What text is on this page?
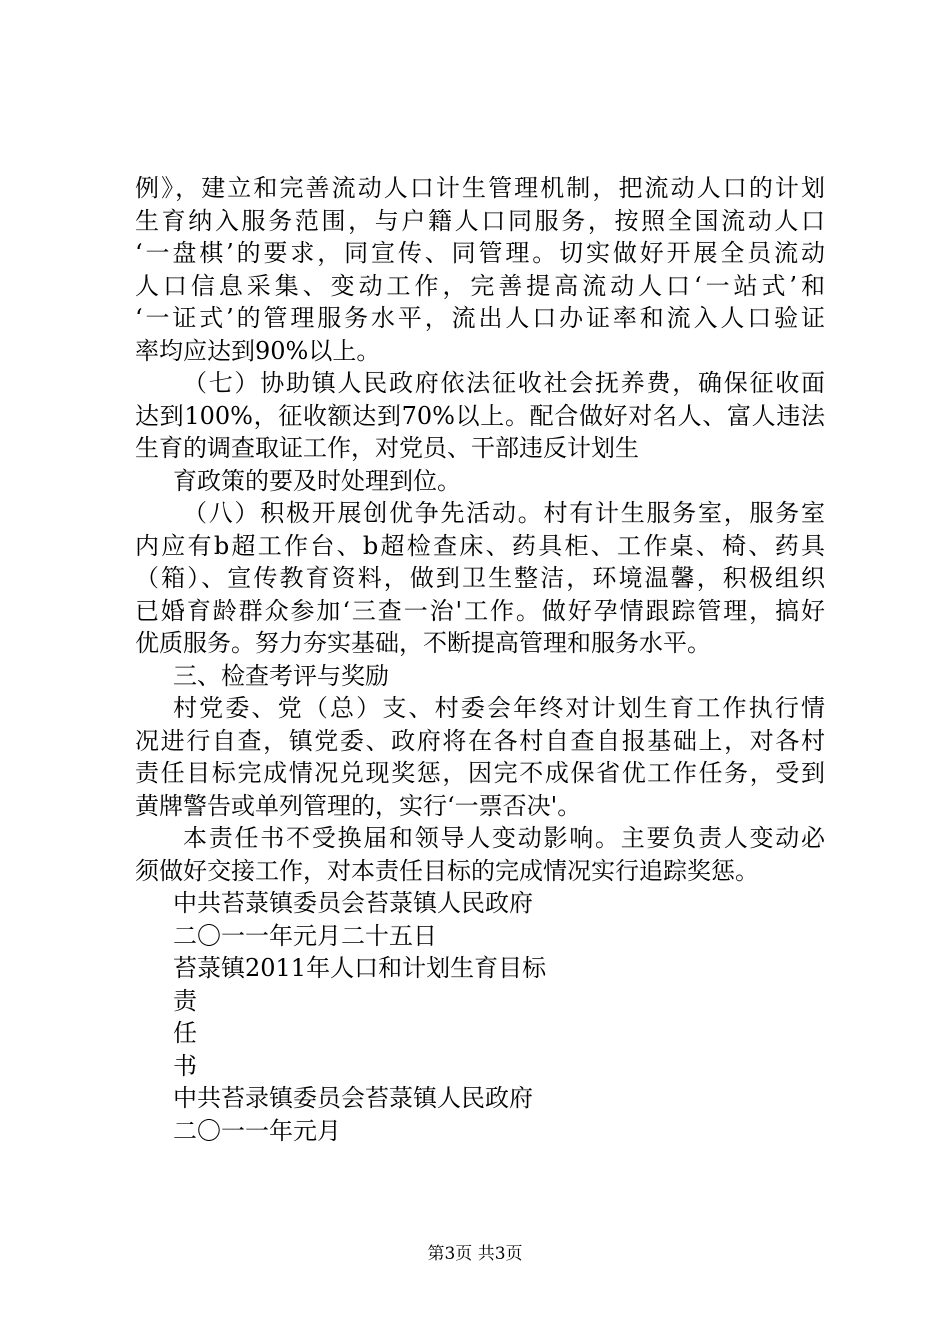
例》，建立和完善流动人口计生管理机制，把流动人口的计划
生育纳入服务范围，与户籍人口同服务，按照全国流动人口
‘一盘棋’的要求，同宣传、同管理。切实做好开展全员流动
人口信息采集、变动工作，完善提高流动人口‘一站式’和
‘一证式’的管理服务水平，流出人口办证率和流入人口验证
率均应达到90%以上。
（七）协助镇人民政府依法征收社会抚养费，确保征收面
达到100%，征收额达到70%以上。配合做好对名人、富人违法
生育的调查取证工作，对党员、干部违反计划生
育政策的要及时处理到位。
（八）积极开展创优争先活动。村有计生服务室，服务室
内应有b超工作台、b超检查床、药具柜、工作桌、椅、药具
（箱）、宣传教育资料，做到卫生整洁，环境温馨，积极组织
已婚育龄群众参加‘三查一治'工作。做好孕情跟踪管理，搞好
优质服务。努力夯实基础，不断提高管理和服务水平。
三、检查考评与奖励
村党委、党（总）支、村委会年终对计划生育工作执行情
况进行自查，镇党委、政府将在各村自查自报基础上，对各村
责任目标完成情况兑现奖惩，因完不成保省优工作任务，受到
黄牌警告或单列管理的，实行‘一票否决'。
本责任书不受换届和领导人变动影响。主要负责人变动必
须做好交接工作，对本责任目标的完成情况实行追踪奖惩。
中共苔菉镇委员会苔菉镇人民政府
二〇一一年元月二十五日
苔菉镇2011年人口和计划生育目标
责
任
书
中共苔录镇委员会苔菉镇人民政府
二〇一一年元月
第3页 共3页
